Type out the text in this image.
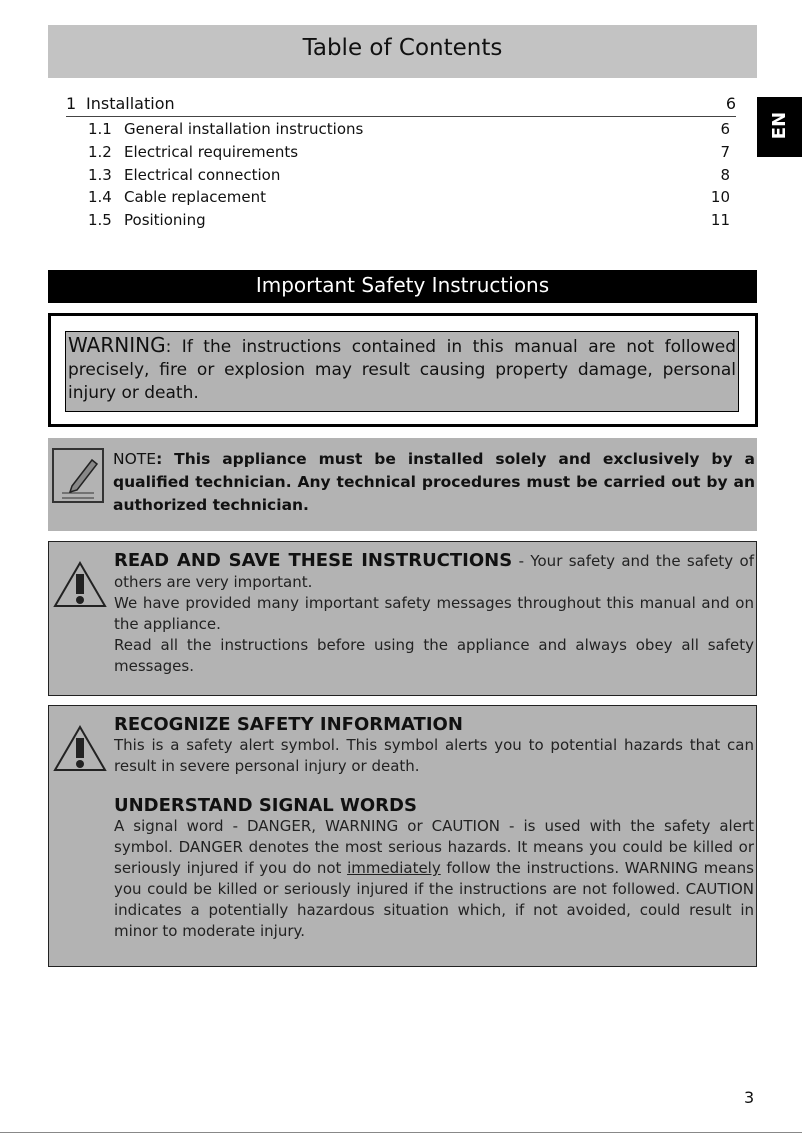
Table of Contents
1 Installation	6
1.1 General installation instructions	6
1.2 Electrical requirements	7
1.3 Electrical connection	8
1.4 Cable replacement	10
1.5 Positioning	11
EN
Important Safety Instructions
WARNING: If the instructions contained in this manual are not followed precisely, fire or explosion may result causing property damage, personal injury or death.
NOTE: This appliance must be installed solely and exclusively by a qualified technician. Any technical procedures must be carried out by an authorized technician.
READ AND SAVE THESE INSTRUCTIONS - Your safety and the safety of others are very important.
We have provided many important safety messages throughout this manual and on the appliance.
Read all the instructions before using the appliance and always obey all safety messages.
RECOGNIZE SAFETY INFORMATION
This is a safety alert symbol. This symbol alerts you to potential hazards that can result in severe personal injury or death.
UNDERSTAND SIGNAL WORDS
A signal word - DANGER, WARNING or CAUTION - is used with the safety alert symbol. DANGER denotes the most serious hazards. It means you could be killed or seriously injured if you do not immediately follow the instructions. WARNING means you could be killed or seriously injured if the instructions are not followed. CAUTION indicates a potentially hazardous situation which, if not avoided, could result in minor to moderate injury.
3
